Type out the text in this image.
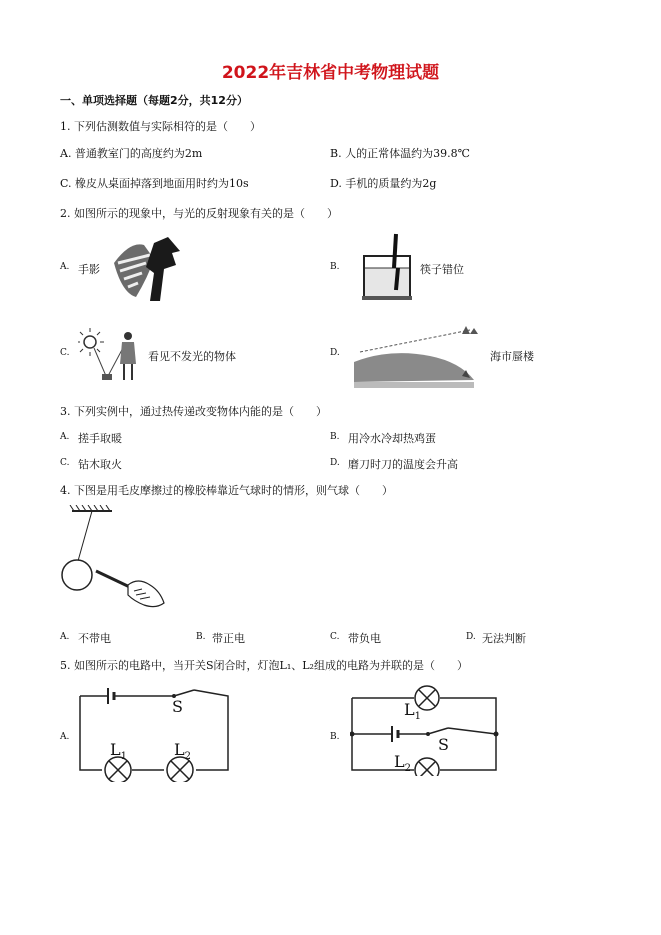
2022年吉林省中考物理试题
一、单项选择题（每题2分，共12分）
1. 下列估测数值与实际相符的是（　　）
A. 普通教室门的高度约为2m	B. 人的正常体温约为39.8℃
C. 橡皮从桌面掉落到地面用时约为10s	D. 手机的质量约为2g
2. 如图所示的现象中，与光的反射现象有关的是（　　）
A. 手影	B.	筷子错位
C.	看见不发光的物体	D.	海市蜃楼
3. 下列实例中，通过热传递改变物体内能的是（　　）
A. 搓手取暖	B. 用冷水冷却热鸡蛋
C. 钻木取火	D. 磨刀时刀的温度会升高
4. 下图是用毛皮摩擦过的橡胶棒靠近气球时的情形，则气球（　　）
A. 不带电	B. 带正电	C. 带负电	D. 无法判断
5. 如图所示的电路中，当开关S闭合时，灯泡L₁、L₂组成的电路为并联的是（　　）
A.
S
$L_1$	$L_2$
B.
$L_1$
S
$L_2$
